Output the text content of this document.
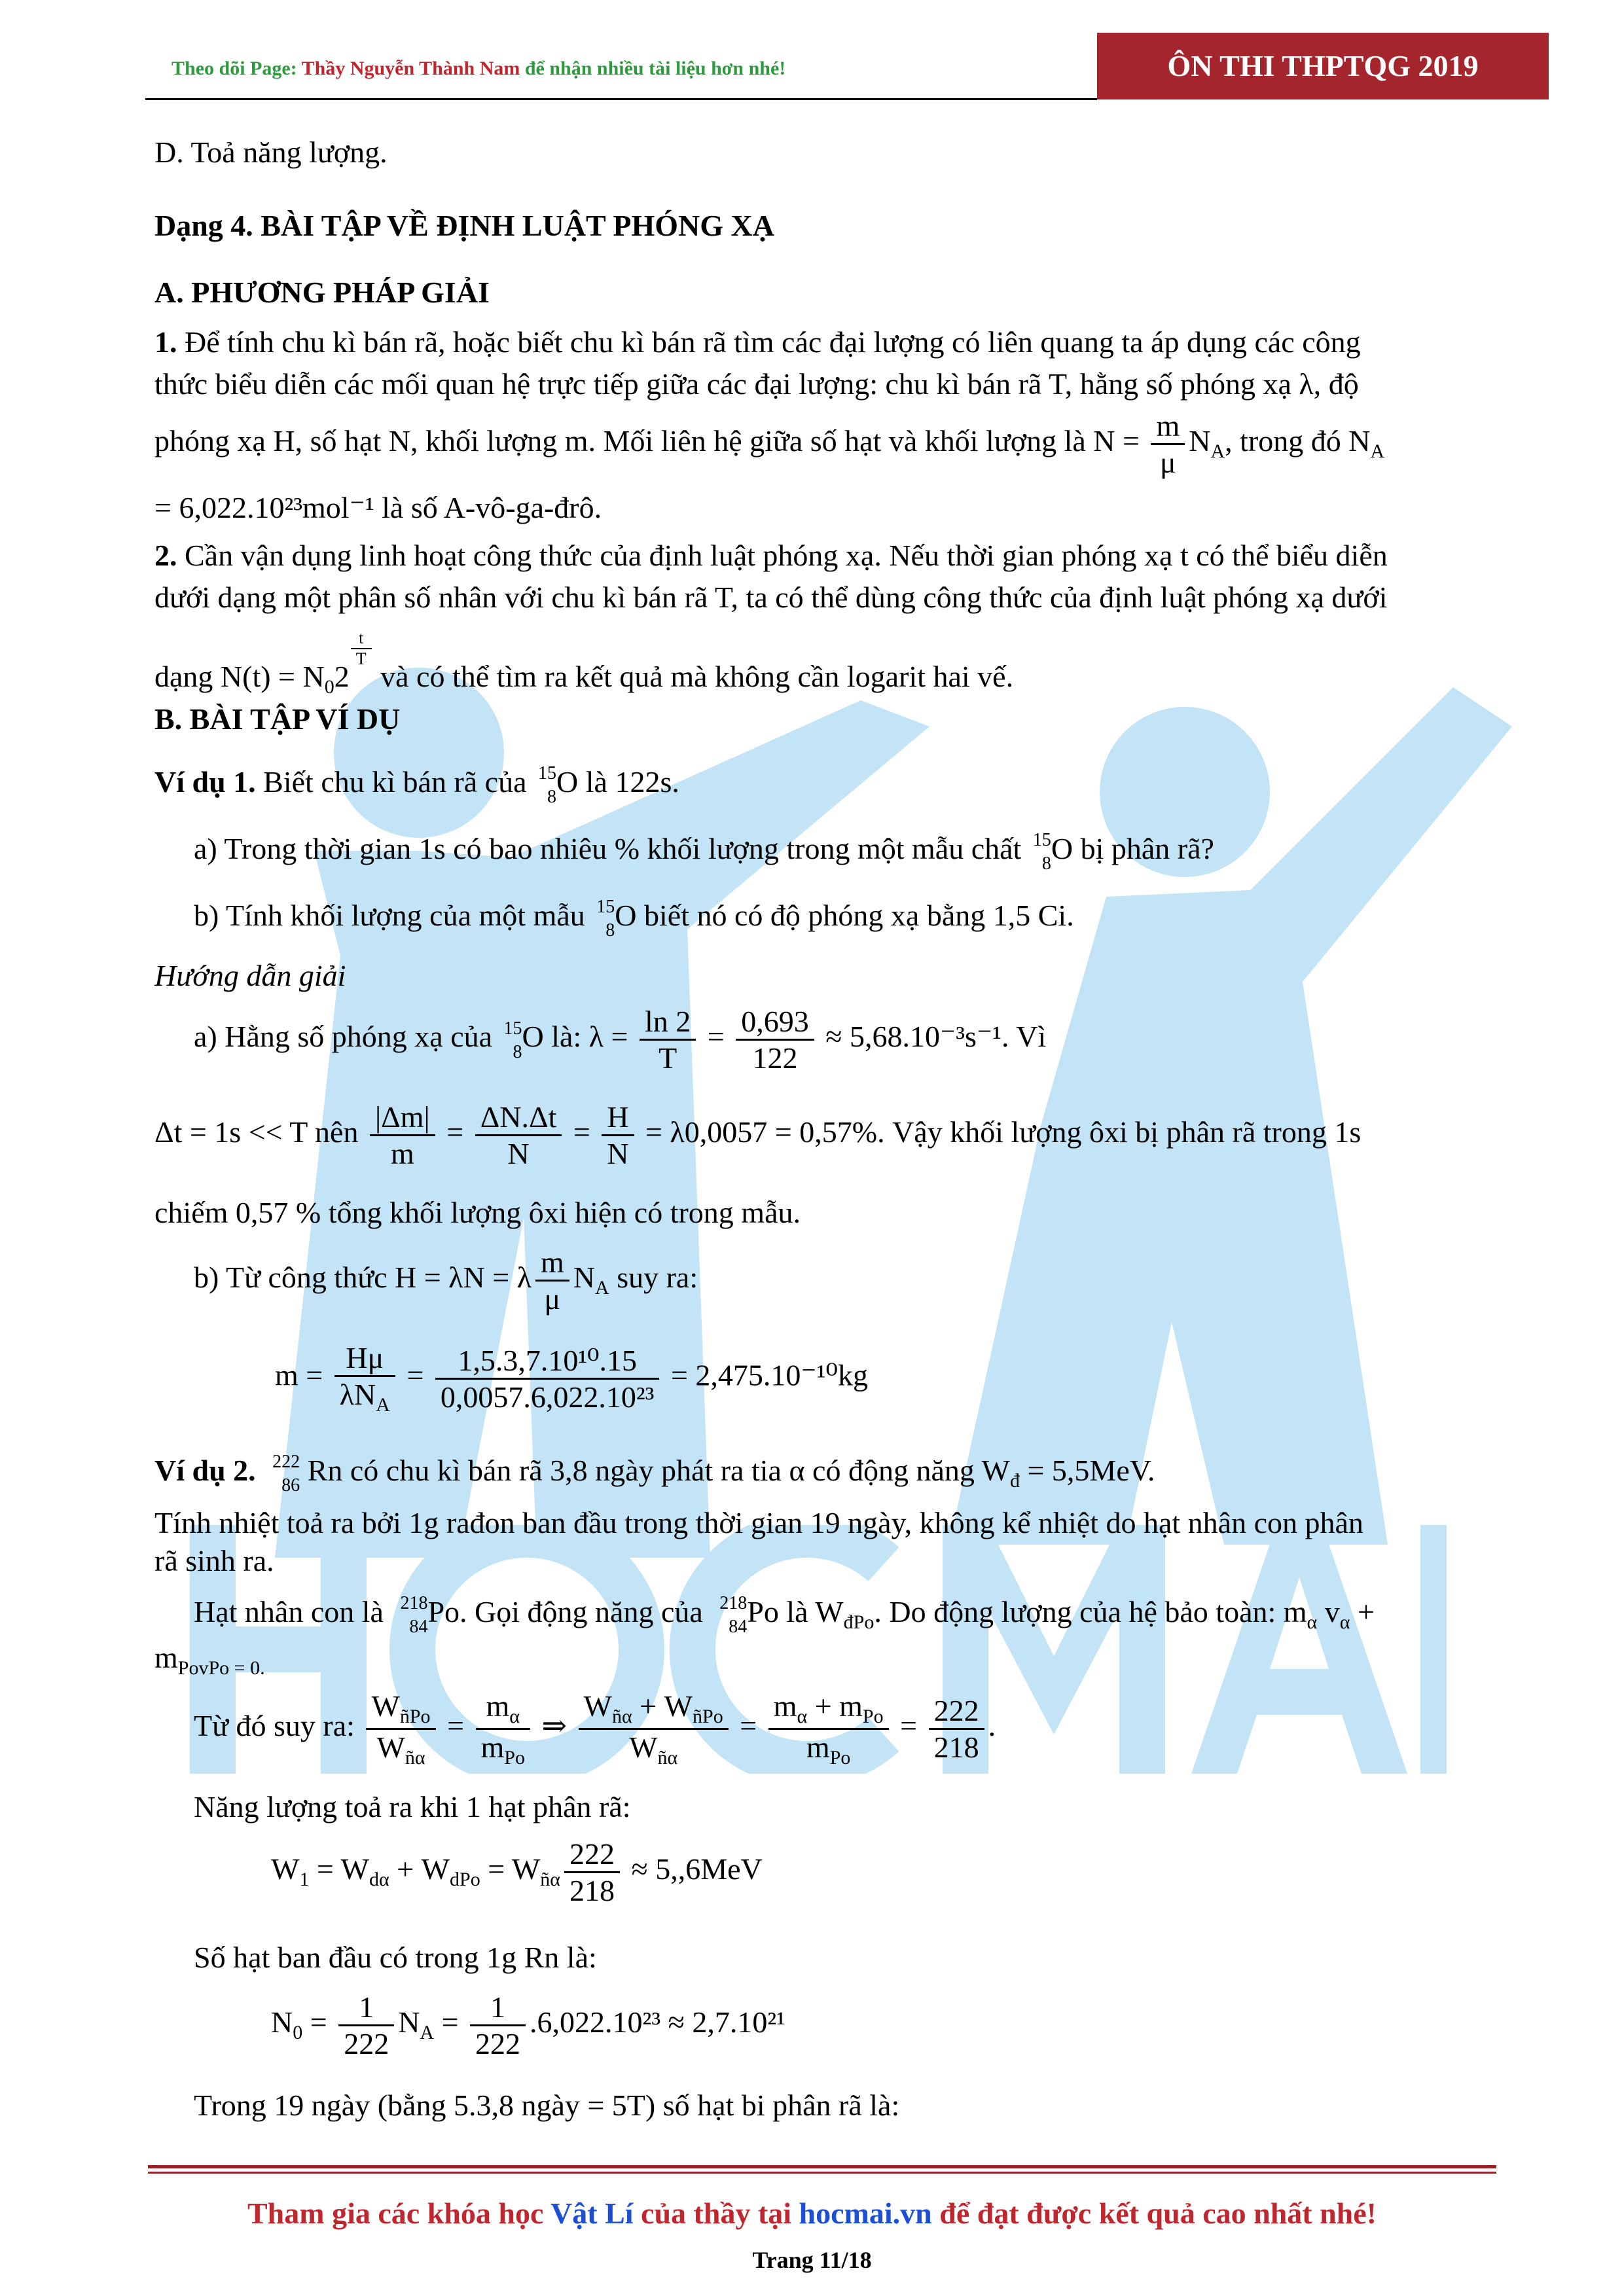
Theo dõi Page: Thầy Nguyễn Thành Nam để nhận nhiều tài liệu hơn nhé!	ÔN THI THPTQG 2019
D. Toả năng lượng.
Dạng 4. BÀI TẬP VỀ ĐỊNH LUẬT PHÓNG XẠ
A. PHƯƠNG PHÁP GIẢI
1. Để tính chu kì bán rã, hoặc biết chu kì bán rã tìm các đại lượng có liên quang ta áp dụng các công
thức biểu diễn các mối quan hệ trực tiếp giữa các đại lượng: chu kì bán rã T, hằng số phóng xạ λ, độ
phóng xạ H, số hạt N, khối lượng m. Mối liên hệ giữa số hạt và khối lượng là $N = \frac{m}{\mu} N_A$, trong đó $N_A$
= 6,022.10²³mol⁻¹ là số A-vô-ga-đrô.
2. Cần vận dụng linh hoạt công thức của định luật phóng xạ. Nếu thời gian phóng xạ t có thể biểu diễn
dưới dạng một phân số nhân với chu kì bán rã T, ta có thể dùng công thức của định luật phóng xạ dưới
dạng $N(t) = N_02$
$\frac{t}{T}$
và có thể tìm ra kết quả mà không cần logarit hai vế.
B. BÀI TẬP VÍ DỤ
Ví dụ 1. Biết chu kì bán rã của 15
8 O là 122s.
a) Trong thời gian 1s có bao nhiêu % khối lượng trong một mẫu chất 15
8 O bị phân rã?
b) Tính khối lượng của một mẫu 15
8 O biết nó có độ phóng xạ bằng 1,5 Ci.
Hướng dẫn giải
a) Hằng số phóng xạ của 15
8 O là: $\lambda = \frac{\ln 2}{T} = \frac{0,693}{122} \approx 5,68.10^{-3}s^{-1}$. Vì
Δt = 1s << T nên $\frac{|\Delta m|}{m} = \frac{\Delta N.\Delta t}{N} = \frac{H}{N} = \lambda 0,0057 = 0,57\%$. Vậy khối lượng ôxi bị phân rã trong 1s
chiếm 0,57 % tổng khối lượng ôxi hiện có trong mẫu.
b) Từ công thức H = λN = λ $\frac{m}{\mu} N_A$ suy ra:
$m = \frac{H\mu}{\lambda N_A} = \frac{\text{1,5.3,7.10¹⁰.15}}{\text{0,0057.6,022.10²³}} = 2,475.10^{-10}kg$
Ví dụ 2. 222
86 Rn có chu kì bán rã 3,8 ngày phát ra tia α có động năng $W_đ = 5,5MeV$.
Tính nhiệt toả ra bởi 1g rađon ban đầu trong thời gian 19 ngày, không kể nhiệt do hạt nhân con phân
rã sinh ra.
Hạt nhân con là 218
84 Po. Gọi động năng của 218
84 Po là $W_{đPo}$. Do động lượng của hệ bảo toàn: $m_\alpha$ $v_\alpha$ +
$m_{PovPo = 0.}$
Từ đó suy ra: $\frac{W_{ñPo}}{W_{ñ\alpha}} = \frac{m_\alpha}{m_{Po}}$ ⇒ $\frac{W_{ñ\alpha} + W_{ñPo}}{W_{ñ\alpha}} = \frac{m_\alpha + m_{Po}}{m_{Po}} = \frac{222}{218}$ .
Năng lượng toả ra khi 1 hạt phân rã:
$W_1 = W_{d\alpha} + W_{dPo} = W_{ñ\alpha} \frac{222}{218} \approx 5,,6MeV$
Số hạt ban đầu có trong 1g Rn là:
$N_0 = \frac{1}{222} N_A = \frac{1}{222} .6,022.10^{23} \approx 2,7.10^{21}$
Trong 19 ngày (bằng 5.3,8 ngày = 5T) số hạt bi phân rã là:
Tham gia các khóa học Vật Lí của thầy tại hocmai.vn để đạt được kết quả cao nhất nhé!
Trang 11/18
